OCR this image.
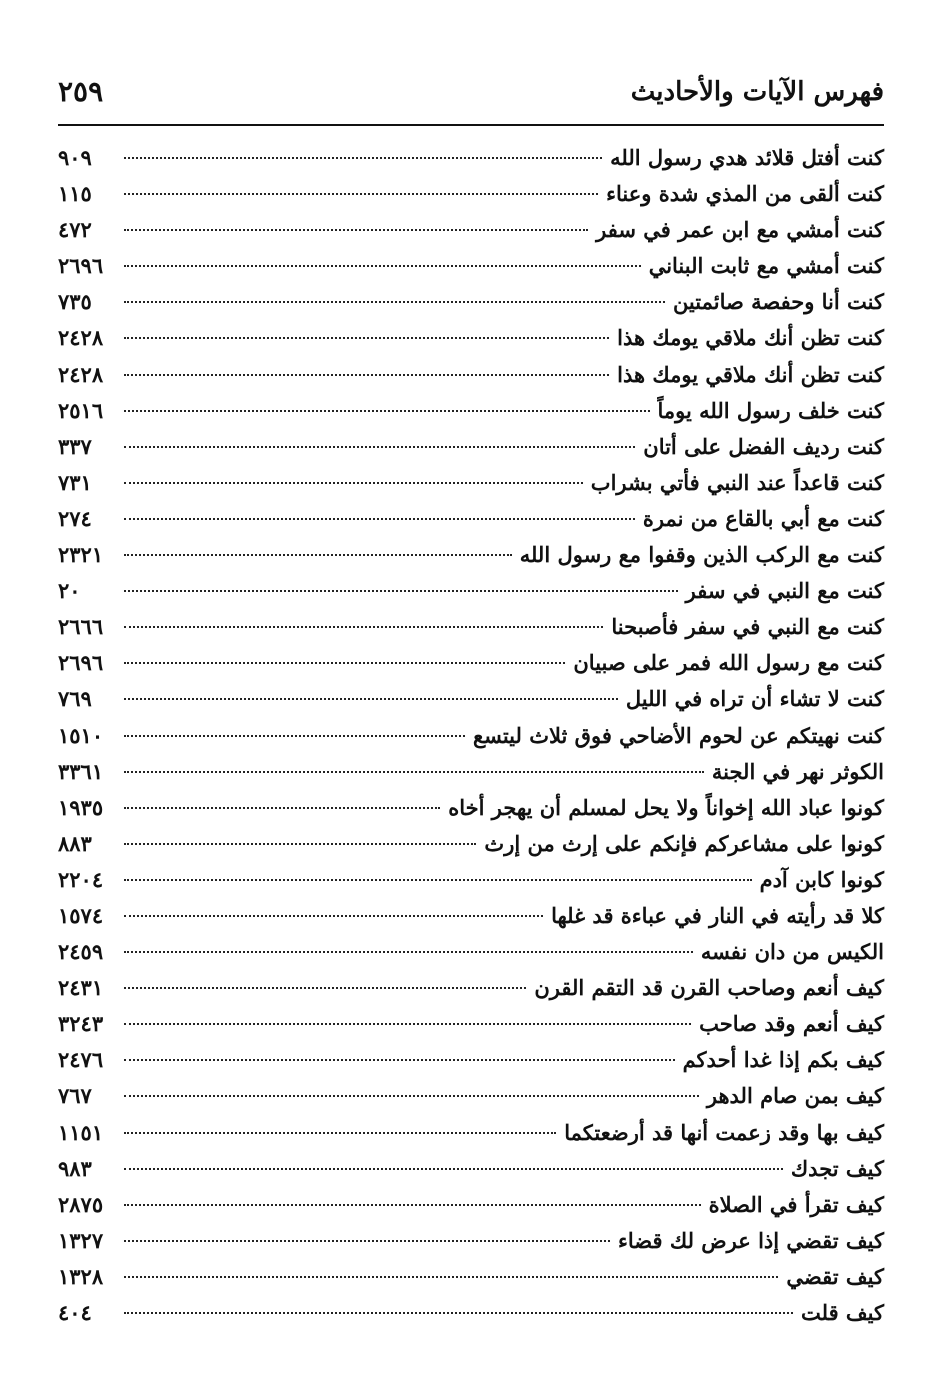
فهرس الآيات والأحاديث
٢٥٩
كنت أفتل قلائد هدي رسول الله
٩٠٩
كنت ألقى من المذي شدة وعناء
١١٥
كنت أمشي مع ابن عمر في سفر
٤٧٢
كنت أمشي مع ثابت البناني
٢٦٩٦
كنت أنا وحفصة صائمتين
٧٣٥
كنت تظن أنك ملاقي يومك هذا
٢٤٢٨
كنت تظن أنك ملاقي يومك هذا
٢٤٢٨
كنت خلف رسول الله يوماً
٢٥١٦
كنت رديف الفضل على أتان
٣٣٧
كنت قاعداً عند النبي فأتي بشراب
٧٣١
كنت مع أبي بالقاع من نمرة
٢٧٤
كنت مع الركب الذين وقفوا مع رسول الله
٢٣٢١
كنت مع النبي في سفر
٢٠
كنت مع النبي في سفر فأصبحنا
٢٦٦٦
كنت مع رسول الله فمر على صبيان
٢٦٩٦
كنت لا تشاء أن تراه في الليل
٧٦٩
كنت نهيتكم عن لحوم الأضاحي فوق ثلاث ليتسع
١٥١٠
الكوثر نهر في الجنة
٣٣٦١
كونوا عباد الله إخواناً ولا يحل لمسلم أن يهجر أخاه
١٩٣٥
كونوا على مشاعركم فإنكم على إرث من إرث
٨٨٣
كونوا كابن آدم
٢٢٠٤
كلا قد رأيته في النار في عباءة قد غلها
١٥٧٤
الكيس من دان نفسه
٢٤٥٩
كيف أنعم وصاحب القرن قد التقم القرن
٢٤٣١
كيف أنعم وقد صاحب
٣٢٤٣
كيف بكم إذا غدا أحدكم
٢٤٧٦
كيف بمن صام الدهر
٧٦٧
كيف بها وقد زعمت أنها قد أرضعتكما
١١٥١
كيف تجدك
٩٨٣
كيف تقرأ في الصلاة
٢٨٧٥
كيف تقضي إذا عرض لك قضاء
١٣٢٧
كيف تقضي
١٣٢٨
كيف قلت
٤٠٤
